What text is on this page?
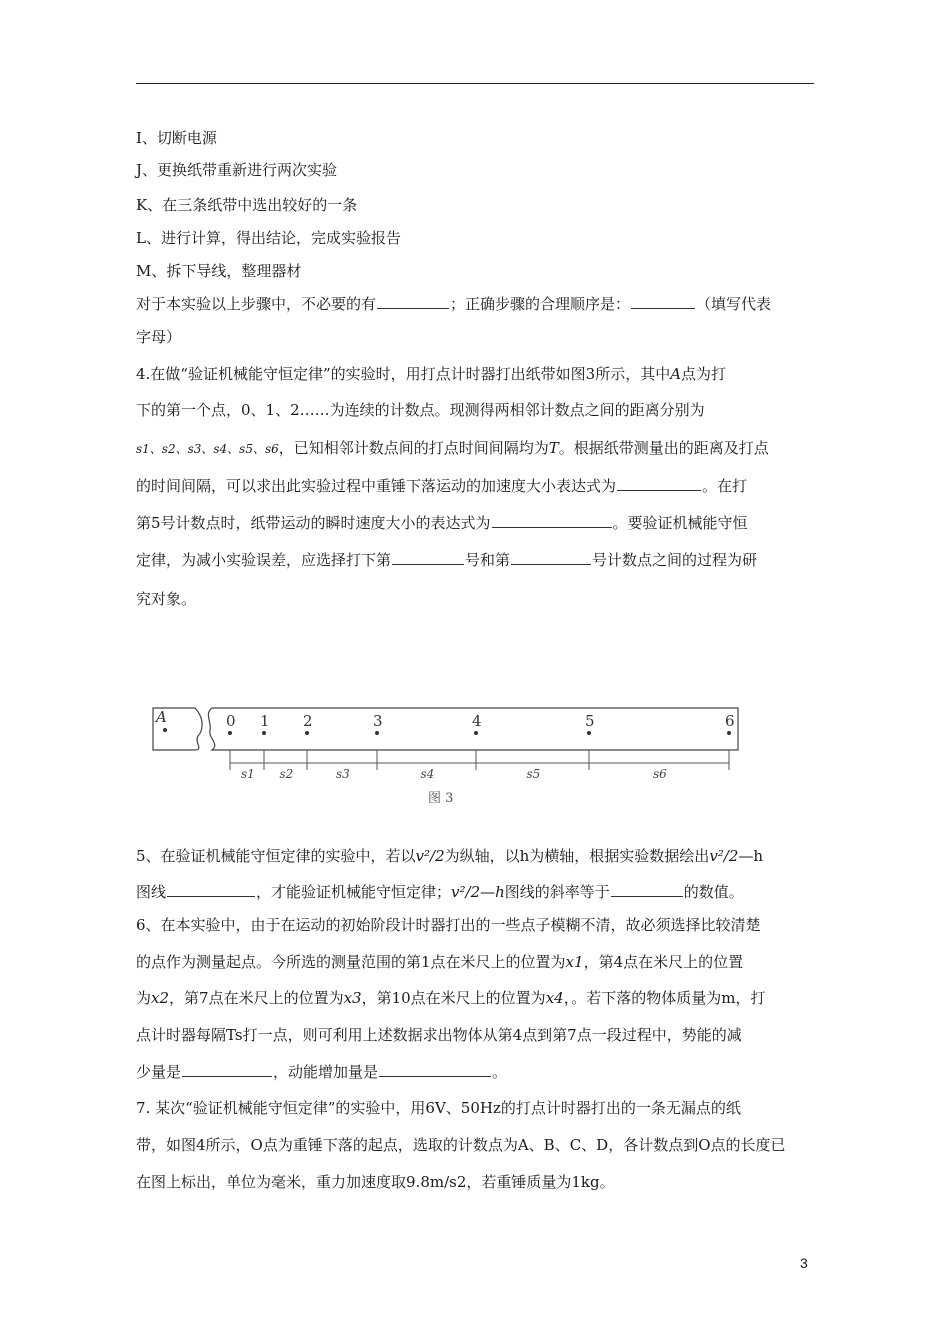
I、切断电源
J、更换纸带重新进行两次实验
K、在三条纸带中选出较好的一条
L、进行计算，得出结论，完成实验报告
M、拆下导线，整理器材
对于本实验以上步骤中，不必要的有	；正确步骤的合理顺序是：	（填写代表
字母）
4.在做“验证机械能守恒定律”的实验时，用打点计时器打出纸带如图3所示，其中A点为打
下的第一个点，0、1、2……为连续的计数点。现测得两相邻计数点之间的距离分别为
s1、s2、s3、s4、s5、s6，已知相邻计数点间的打点时间间隔均为T。根据纸带测量出的距离及打点
的时间间隔，可以求出此实验过程中重锤下落运动的加速度大小表达式为	。在打
第5号计数点时，纸带运动的瞬时速度大小的表达式为	。要验证机械能守恒
定律，为减小实验误差，应选择打下第	号和第	号计数点之间的过程为研
究对象。
A	0 1 2	3	4	5	6
s1 s2	s3	s4	s5	s6
图 3
5、在验证机械能守恒定律的实验中，若以v²/2为纵轴，以h为横轴，根据实验数据绘出v²/2—h
图线	，才能验证机械能守恒定律；v²/2—h图线的斜率等于	的数值。
6、在本实验中，由于在运动的初始阶段计时器打出的一些点子模糊不清，故必须选择比较清楚
的点作为测量起点。今所选的测量范围的第1点在米尺上的位置为x1，第4点在米尺上的位置
为x2，第7点在米尺上的位置为x3，第10点在米尺上的位置为x4，。若下落的物体质量为m，打
点计时器每隔Ts打一点，则可利用上述数据求出物体从第4点到第7点一段过程中，势能的减
少量是	，动能增加量是	。
7. 某次“验证机械能守恒定律”的实验中，用6V、50Hz的打点计时器打出的一条无漏点的纸
带，如图4所示，O点为重锤下落的起点，选取的计数点为A、B、C、D，各计数点到O点的长度已
在图上标出，单位为毫米，重力加速度取9.8m/s2，若重锤质量为1kg。
3
